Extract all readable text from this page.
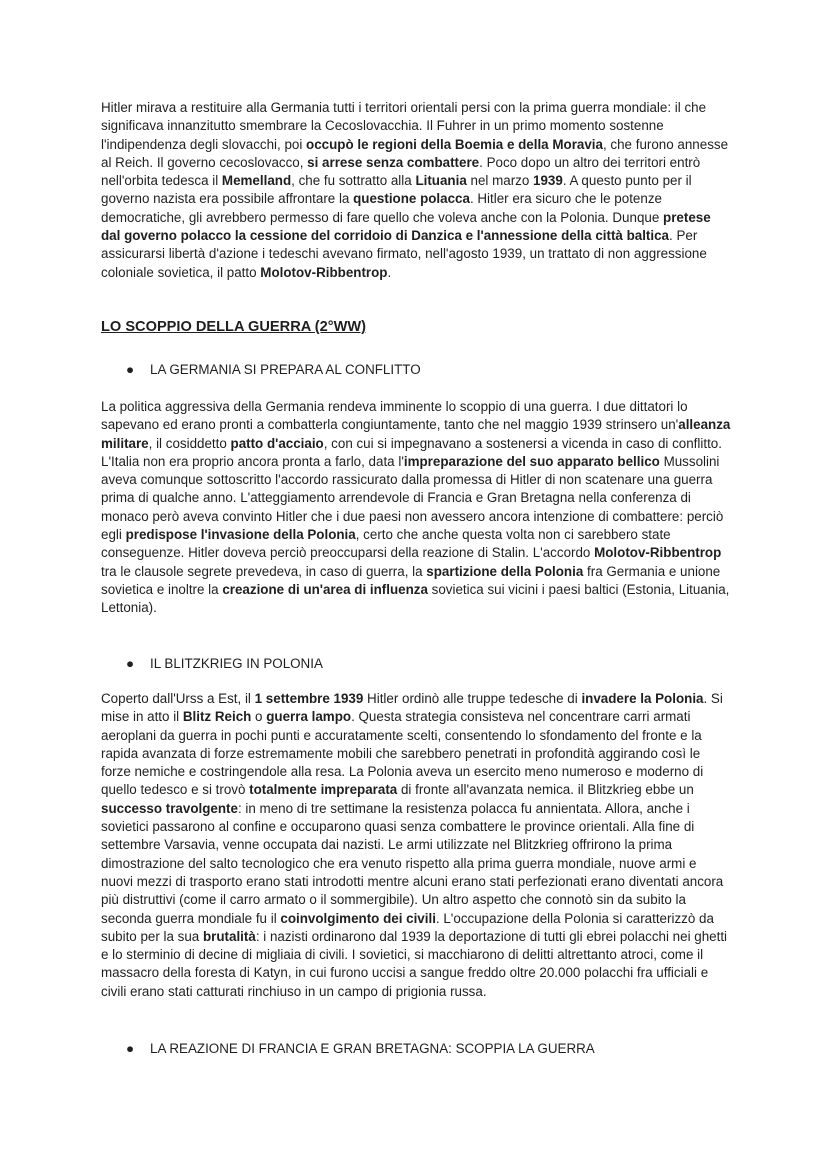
Hitler mirava a restituire alla Germania tutti i territori orientali persi con la prima guerra mondiale: il che significava innanzitutto smembrare la Cecoslovacchia. Il Fuhrer in un primo momento sostenne l'indipendenza degli slovacchi, poi occupò le regioni della Boemia e della Moravia, che furono annesse al Reich. Il governo cecoslovacco, si arrese senza combattere. Poco dopo un altro dei territori entrò nell'orbita tedesca il Memelland, che fu sottratto alla Lituania nel marzo 1939. A questo punto per il governo nazista era possibile affrontare la questione polacca. Hitler era sicuro che le potenze democratiche, gli avrebbero permesso di fare quello che voleva anche con la Polonia. Dunque pretese dal governo polacco la cessione del corridoio di Danzica e l'annessione della città baltica. Per assicurarsi libertà d'azione i tedeschi avevano firmato, nell'agosto 1939, un trattato di non aggressione coloniale sovietica, il patto Molotov-Ribbentrop.

LO SCOPPIO DELLA GUERRA (2°WW)

● LA GERMANIA SI PREPARA AL CONFLITTO

La politica aggressiva della Germania rendeva imminente lo scoppio di una guerra. I due dittatori lo sapevano ed erano pronti a combatterla congiuntamente, tanto che nel maggio 1939 strinsero un'alleanza militare, il cosiddetto patto d'acciaio, con cui si impegnavano a sostenersi a vicenda in caso di conflitto. L'Italia non era proprio ancora pronta a farlo, data l'impreparazione del suo apparato bellico Mussolini aveva comunque sottoscritto l'accordo rassicurato dalla promessa di Hitler di non scatenare una guerra prima di qualche anno. L'atteggiamento arrendevole di Francia e Gran Bretagna nella conferenza di monaco però aveva convinto Hitler che i due paesi non avessero ancora intenzione di combattere: perciò egli predispose l'invasione della Polonia, certo che anche questa volta non ci sarebbero state conseguenze. Hitler doveva perciò preoccuparsi della reazione di Stalin. L'accordo Molotov-Ribbentrop tra le clausole segrete prevedeva, in caso di guerra, la spartizione della Polonia fra Germania e unione sovietica e inoltre la creazione di un'area di influenza sovietica sui vicini i paesi baltici (Estonia, Lituania, Lettonia).

● IL BLITZKRIEG IN POLONIA

Coperto dall'Urss a Est, il 1 settembre 1939 Hitler ordinò alle truppe tedesche di invadere la Polonia. Si mise in atto il Blitz Reich o guerra lampo. Questa strategia consisteva nel concentrare carri armati aeroplani da guerra in pochi punti e accuratamente scelti, consentendo lo sfondamento del fronte e la rapida avanzata di forze estremamente mobili che sarebbero penetrati in profondità aggirando così le forze nemiche e costringendole alla resa. La Polonia aveva un esercito meno numeroso e moderno di quello tedesco e si trovò totalmente impreparata di fronte all'avanzata nemica. il Blitzkrieg ebbe un successo travolgente: in meno di tre settimane la resistenza polacca fu annientata. Allora, anche i sovietici passarono al confine e occuparono quasi senza combattere le province orientali. Alla fine di settembre Varsavia, venne occupata dai nazisti. Le armi utilizzate nel Blitzkrieg offrirono la prima dimostrazione del salto tecnologico che era venuto rispetto alla prima guerra mondiale, nuove armi e nuovi mezzi di trasporto erano stati introdotti mentre alcuni erano stati perfezionati erano diventati ancora più distruttivi (come il carro armato o il sommergibile). Un altro aspetto che connotò sin da subito la seconda guerra mondiale fu il coinvolgimento dei civili. L'occupazione della Polonia si caratterizzò da subito per la sua brutalità: i nazisti ordinarono dal 1939 la deportazione di tutti gli ebrei polacchi nei ghetti e lo sterminio di decine di migliaia di civili. I sovietici, si macchiarono di delitti altrettanto atroci, come il massacro della foresta di Katyn, in cui furono uccisi a sangue freddo oltre 20.000 polacchi fra ufficiali e civili erano stati catturati rinchiuso in un campo di prigionia russa.

● LA REAZIONE DI FRANCIA E GRAN BRETAGNA: SCOPPIA LA GUERRA
